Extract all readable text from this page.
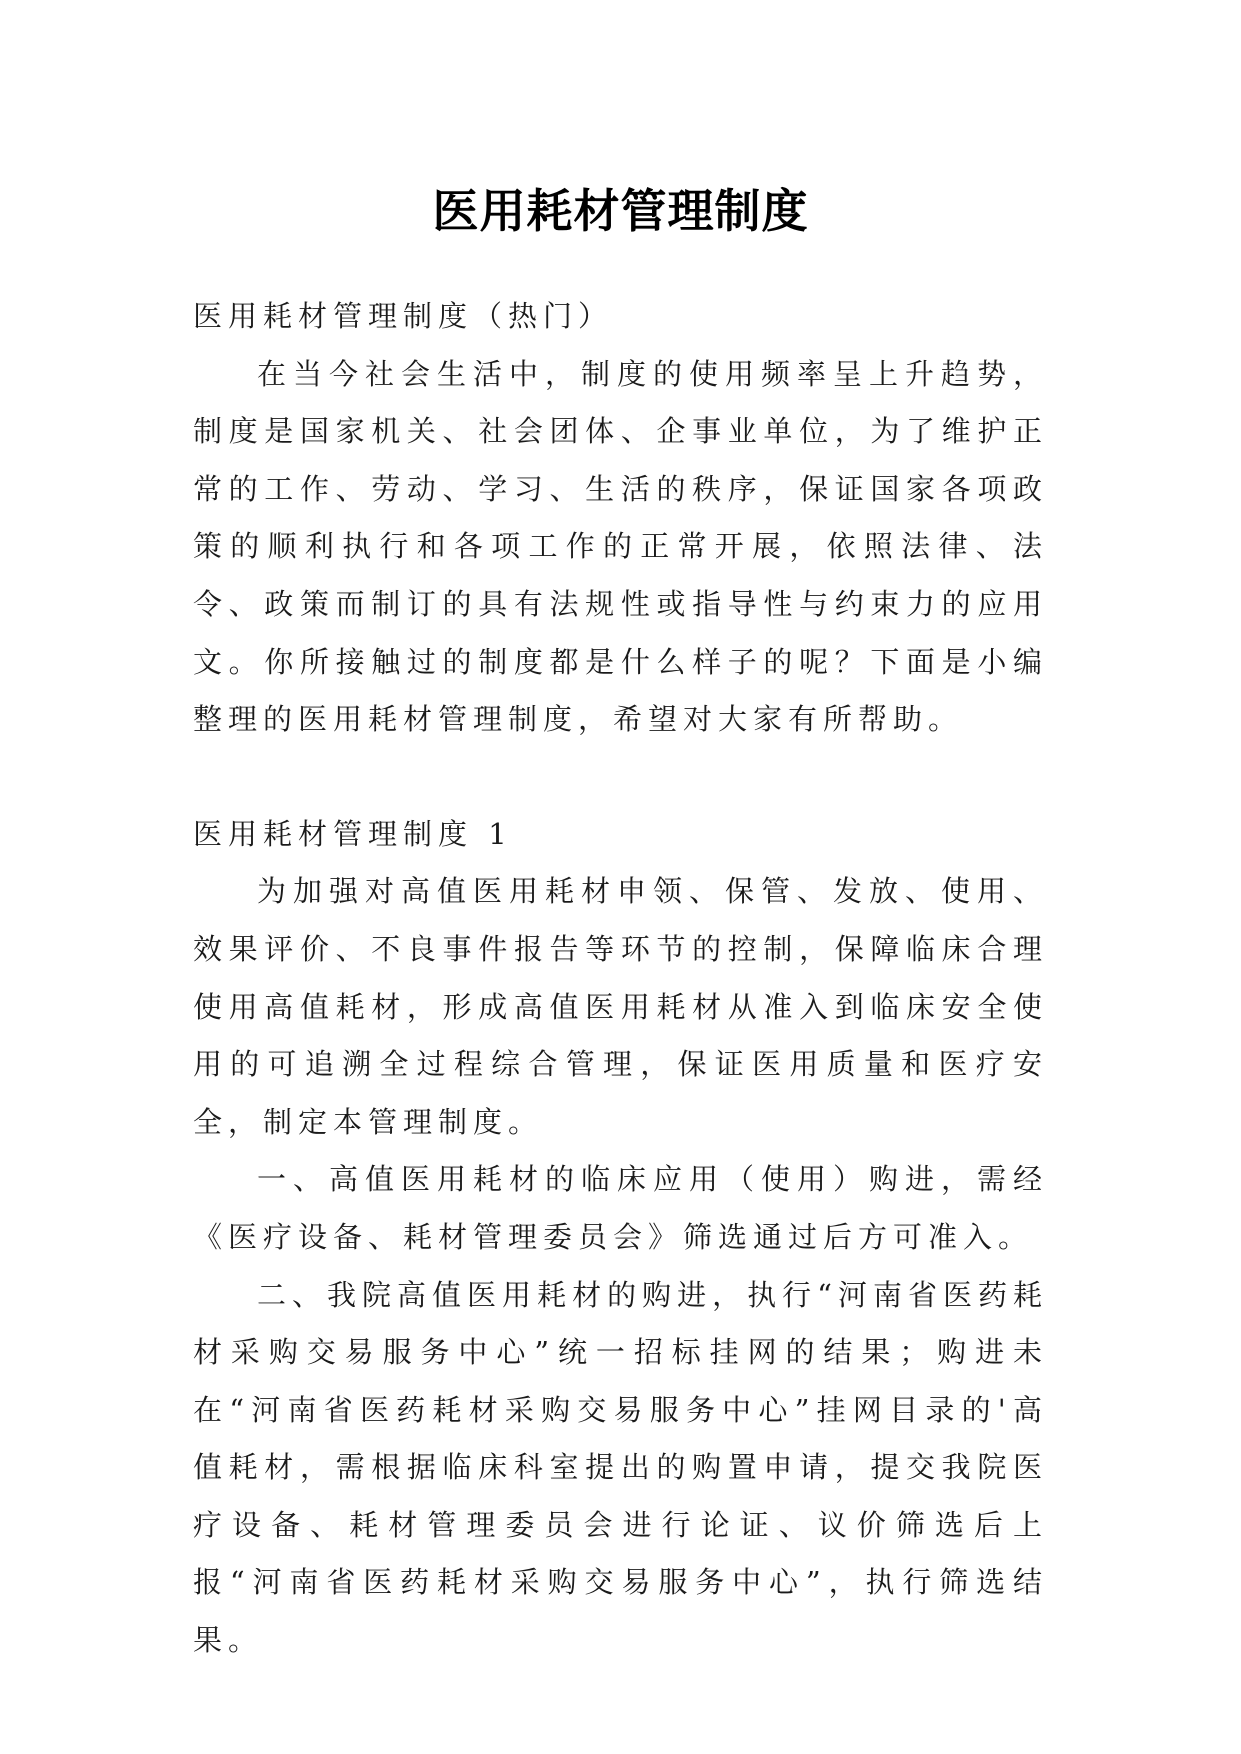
医用耗材管理制度

医用耗材管理制度（热门）

在当今社会生活中，制度的使用频率呈上升趋势，制度是国家机关、社会团体、企事业单位，为了维护正常的工作、劳动、学习、生活的秩序，保证国家各项政策的顺利执行和各项工作的正常开展，依照法律、法令、政策而制订的具有法规性或指导性与约束力的应用文。你所接触过的制度都是什么样子的呢？下面是小编整理的医用耗材管理制度，希望对大家有所帮助。

医用耗材管理制度 1

为加强对高值医用耗材申领、保管、发放、使用、效果评价、不良事件报告等环节的控制，保障临床合理使用高值耗材，形成高值医用耗材从准入到临床安全使用的可追溯全过程综合管理，保证医用质量和医疗安全，制定本管理制度。

一、高值医用耗材的临床应用（使用）购进，需经《医疗设备、耗材管理委员会》筛选通过后方可准入。

二、我院高值医用耗材的购进，执行“河南省医药耗材采购交易服务中心”统一招标挂网的结果；购进未在“河南省医药耗材采购交易服务中心”挂网目录的'高值耗材，需根据临床科室提出的购置申请，提交我院医疗设备、耗材管理委员会进行论证、议价筛选后上报“河南省医药耗材采购交易服务中心”，执行筛选结果。
